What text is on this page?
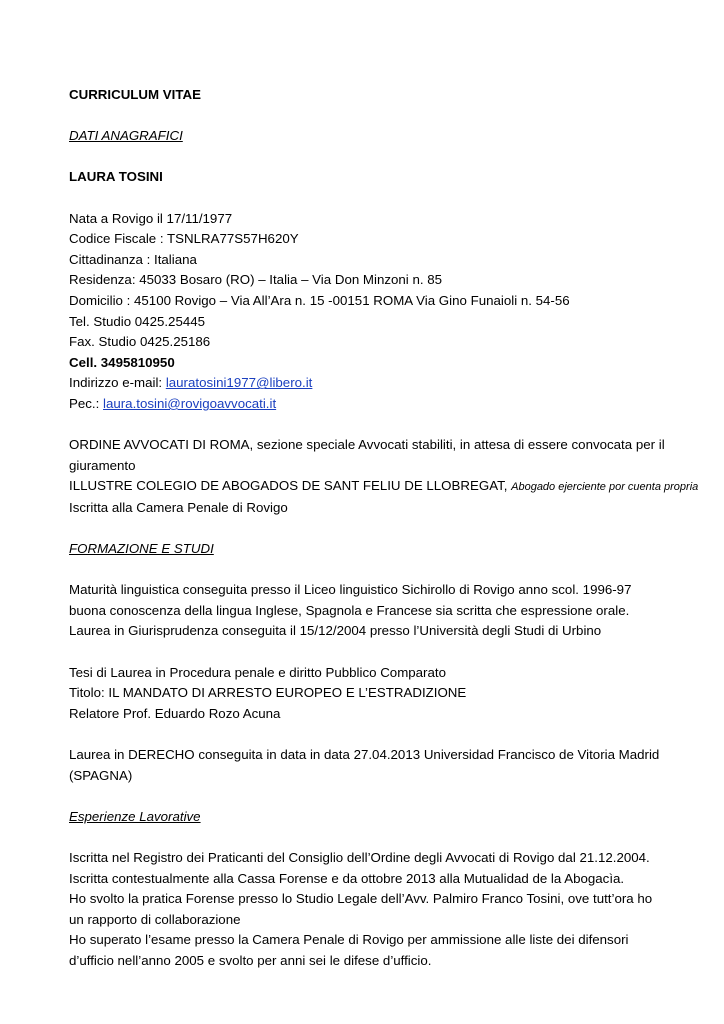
CURRICULUM VITAE

DATI ANAGRAFICI

LAURA TOSINI

Nata a Rovigo il 17/11/1977

Codice Fiscale : TSNLRA77S57H620Y

Cittadinanza : Italiana

Residenza: 45033 Bosaro (RO) – Italia – Via Don Minzoni n. 85

Domicilio : 45100 Rovigo – Via All’Ara n. 15 -00151 ROMA Via Gino Funaioli n. 54-56

Tel. Studio 0425.25445

Fax. Studio 0425.25186

Cell. 3495810950

Indirizzo e-mail: lauratosini1977@libero.it

Pec.: laura.tosini@rovigoavvocati.it

ORDINE AVVOCATI DI ROMA, sezione speciale Avvocati stabiliti, in attesa di essere convocata per il giuramento

ILLUSTRE COLEGIO DE ABOGADOS DE SANT FELIU DE LLOBREGAT, Abogado ejerciente por cuenta propria

Iscritta alla Camera Penale di Rovigo

FORMAZIONE E STUDI

Maturità linguistica conseguita presso il Liceo linguistico Sichirollo di Rovigo anno scol. 1996-97

buona conoscenza della lingua Inglese, Spagnola e Francese sia scritta che espressione orale.

Laurea in Giurisprudenza conseguita il 15/12/2004 presso l’Università degli Studi di Urbino

Tesi di Laurea in Procedura penale e diritto Pubblico Comparato

Titolo: IL MANDATO DI ARRESTO EUROPEO E L’ESTRADIZIONE

Relatore Prof. Eduardo Rozo Acuna

Laurea in DERECHO conseguita in data in data 27.04.2013 Universidad Francisco de Vitoria Madrid (SPAGNA)

Esperienze Lavorative

Iscritta nel Registro dei Praticanti del Consiglio dell’Ordine degli Avvocati di Rovigo dal 21.12.2004.

Iscritta contestualmente alla Cassa Forense e da ottobre 2013 alla Mutualidad de la Abogacìa.

Ho svolto la pratica Forense presso lo Studio Legale dell’Avv. Palmiro Franco Tosini, ove tutt’ora ho un rapporto di collaborazione

Ho superato l’esame presso la Camera Penale di Rovigo per ammissione alle liste dei difensori d’ufficio nell’anno 2005 e svolto per anni sei le difese d’ufficio.
